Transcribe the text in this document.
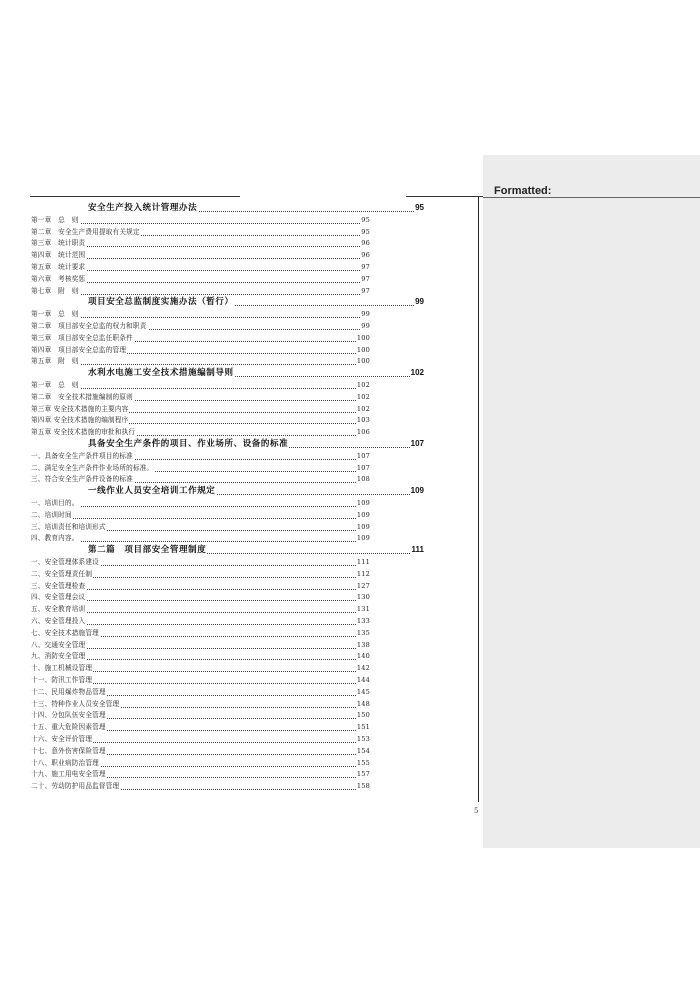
Formatted:
安全生产投入统计管理办法	95
第一章　总　则	95
第二章　安全生产费用提取有关规定	95
第三章　统计职责	96
第四章　统计范围	96
第五章　统计要求	97
第六章　考核奖惩	97
第七章　附　则	97
项目安全总监制度实施办法（暂行）	99
第一章　总　则	99
第二章　项目部安全总监的权力和职责	99
第三章　项目部安全总监任职条件	100
第四章　项目部安全总监的管理	100
第五章　附　则	100
水利水电施工安全技术措施编制导则	102
第一章　总　则	102
第二章　安全技术措施编制的原则	102
第三章 安全技术措施的主要内容	102
第四章 安全技术措施的编制程序	103
第五章 安全技术措施的审批和执行	106
具备安全生产条件的项目、作业场所、设备的标准	107
一、具备安全生产条件项目的标准	107
二、满足安全生产条件作业场所的标准。	107
三、符合安全生产条件设备的标准	108
一线作业人员安全培训工作规定	109
一、培训目的。	109
二、培训时间	109
三、培训责任和培训形式	109
四、教育内容。	109
第二篇　项目部安全管理制度	111
一、安全管理体系建设	111
二、安全管理责任制	112
三、安全管理检查	127
四、安全管理会议	130
五、安全教育培训	131
六、安全管理投入	133
七、安全技术措施管理	135
八、交通安全管理	138
九、消防安全管理	140
十、施工机械设管理	142
十一、防汛工作管理	144
十二、民用爆炸物品管理	145
十三、特种作业人员安全管理	148
十四、分包队伍安全管理	150
十五、重大危险因素管理	151
十六、安全评价管理	153
十七、意外伤害保险管理	154
十八、职业病防治管理	155
十九、施工用电安全管理	157
二十、劳动防护用品监督管理	158
5
